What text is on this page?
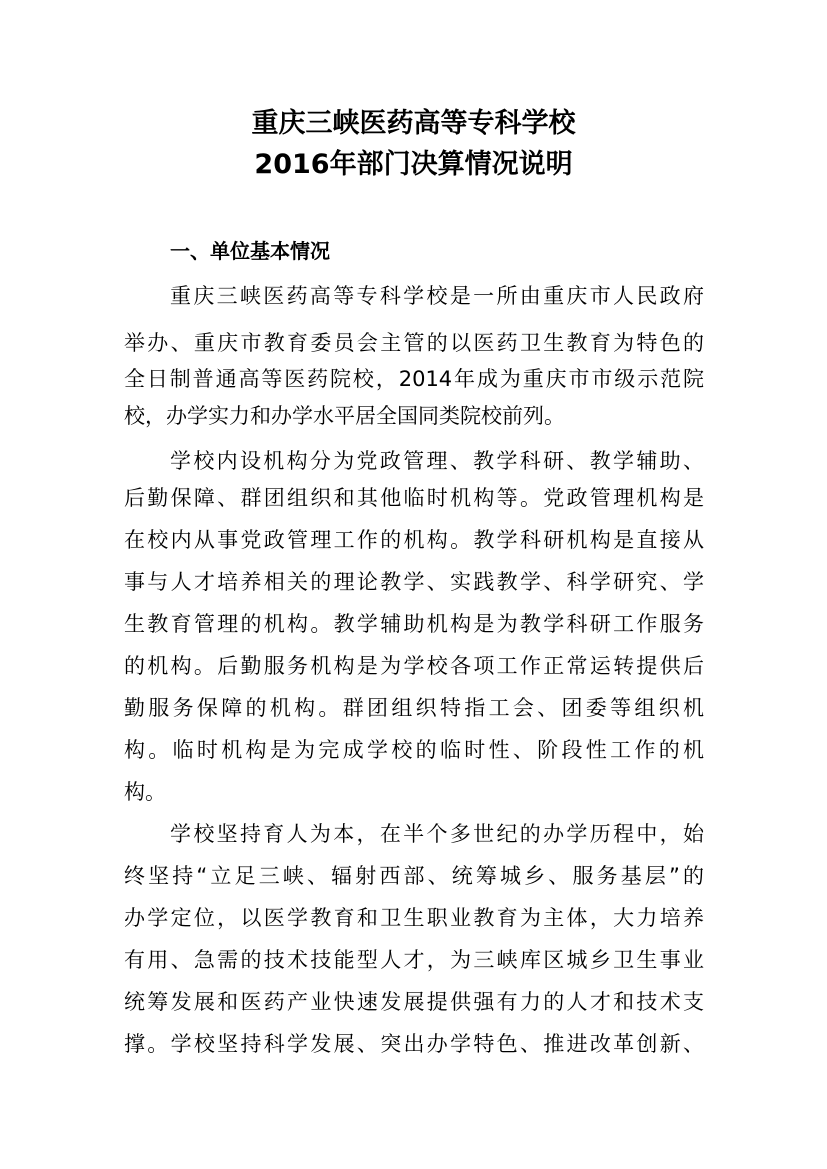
重庆三峡医药高等专科学校
2016年部门决算情况说明
一、单位基本情况
重庆三峡医药高等专科学校是一所由重庆市人民政府
举办、重庆市教育委员会主管的以医药卫生教育为特色的
全日制普通高等医药院校，2014年成为重庆市市级示范院
校，办学实力和办学水平居全国同类院校前列。
学校内设机构分为党政管理、教学科研、教学辅助、
后勤保障、群团组织和其他临时机构等。党政管理机构是
在校内从事党政管理工作的机构。教学科研机构是直接从
事与人才培养相关的理论教学、实践教学、科学研究、学
生教育管理的机构。教学辅助机构是为教学科研工作服务
的机构。后勤服务机构是为学校各项工作正常运转提供后
勤服务保障的机构。群团组织特指工会、团委等组织机
构。临时机构是为完成学校的临时性、阶段性工作的机
构。
学校坚持育人为本，在半个多世纪的办学历程中，始
终坚持“立足三峡、辐射西部、统筹城乡、服务基层”的
办学定位，以医学教育和卫生职业教育为主体，大力培养
有用、急需的技术技能型人才，为三峡库区城乡卫生事业
统筹发展和医药产业快速发展提供强有力的人才和技术支
撑。学校坚持科学发展、突出办学特色、推进改革创新、
